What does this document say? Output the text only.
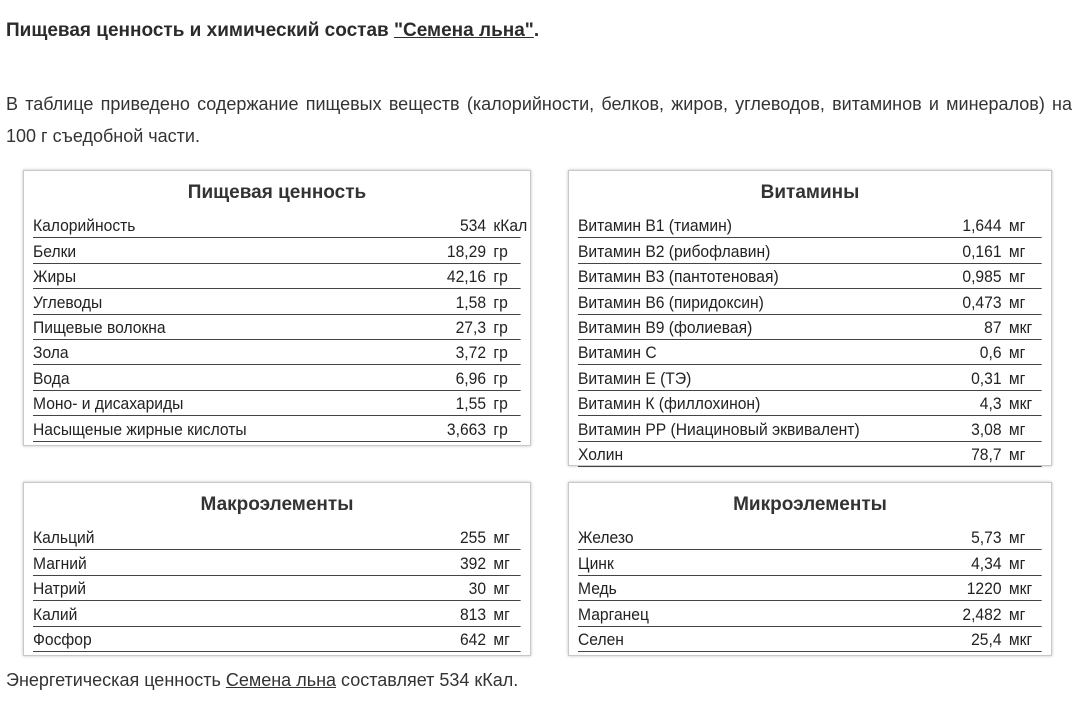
Пищевая ценность и химический состав "Семена льна".
В таблице приведено содержание пищевых веществ (калорийности, белков, жиров, углеводов, витаминов и минералов) на 100 г съедобной части.
Пищевая ценность
Калорийность	534 кКал
Белки	18,29 гр
Жиры	42,16 гр
Углеводы	1,58 гр
Пищевые волокна	27,3 гр
Зола	3,72 гр
Вода	6,96 гр
Моно- и дисахариды	1,55 гр
Насыщеные жирные кислоты	3,663 гр
Витамины
Витамин В1 (тиамин)	1,644 мг
Витамин В2 (рибофлавин)	0,161 мг
Витамин В3 (пантотеновая)	0,985 мг
Витамин В6 (пиридоксин)	0,473 мг
Витамин В9 (фолиевая)	87 мкг
Витамин C	0,6 мг
Витамин Е (ТЭ)	0,31 мг
Витамин К (филлохинон)	4,3 мкг
Витамин РР (Ниациновый эквивалент)	3,08 мг
Холин	78,7 мг
Макроэлементы
Кальций	255 мг
Магний	392 мг
Натрий	30 мг
Калий	813 мг
Фосфор	642 мг
Микроэлементы
Железо	5,73 мг
Цинк	4,34 мг
Медь	1220 мкг
Марганец	2,482 мг
Селен	25,4 мкг
Энергетическая ценность Семена льна составляет 534 кКал.
